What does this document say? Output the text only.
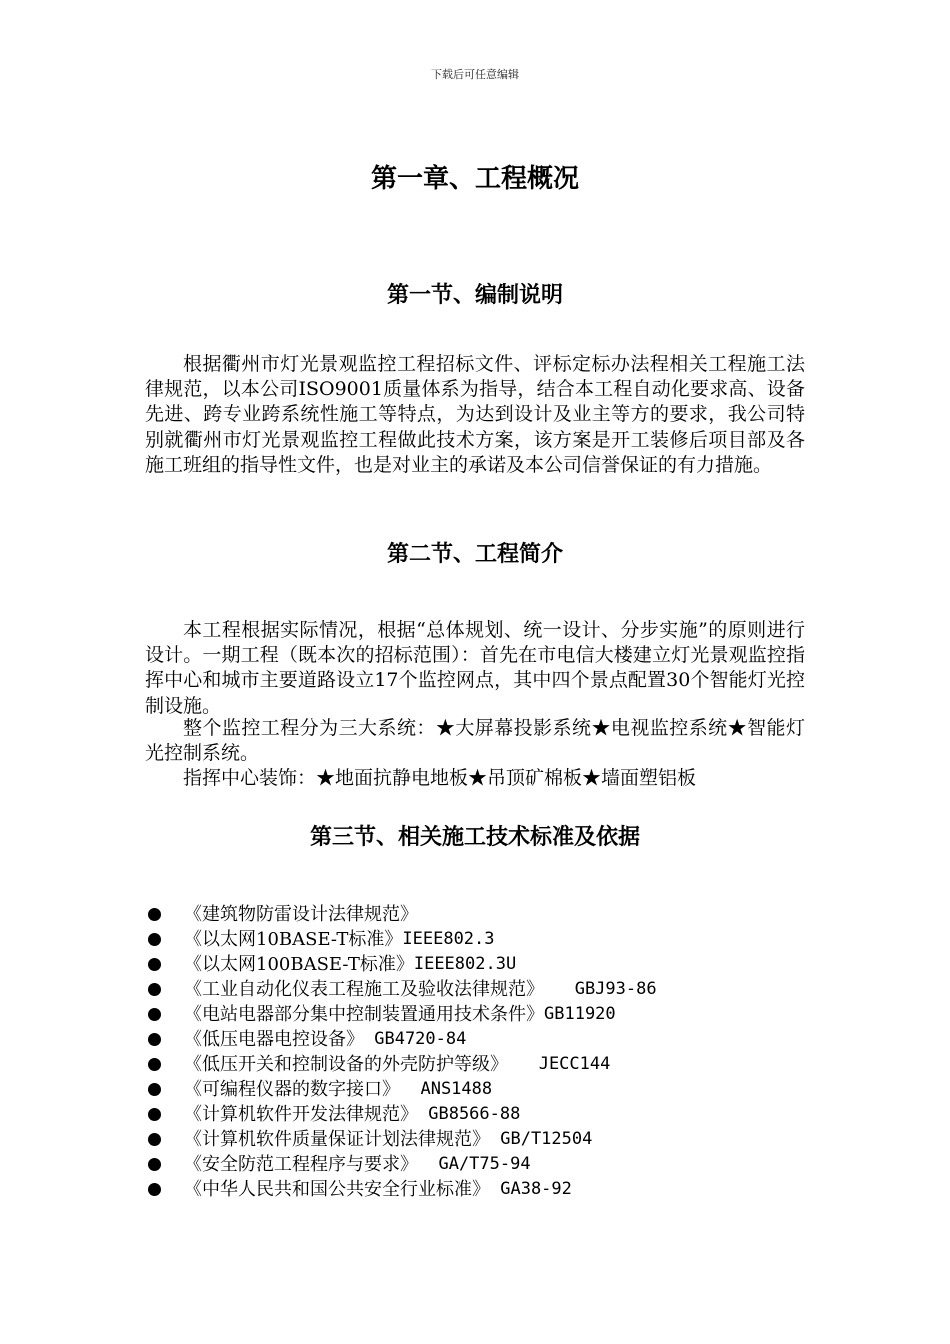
下载后可任意编辑
第一章、工程概况
第一节、编制说明

根据衢州市灯光景观监控工程招标文件、评标定标办法程相关工程施工法律规范，以本公司ISO9001质量体系为指导，结合本工程自动化要求高、设备先进、跨专业跨系统性施工等特点，为达到设计及业主等方的要求，我公司特别就衢州市灯光景观监控工程做此技术方案，该方案是开工装修后项目部及各施工班组的指导性文件，也是对业主的承诺及本公司信誉保证的有力措施。

第二节、工程简介

本工程根据实际情况，根据“总体规划、统一设计、分步实施”的原则进行设计。一期工程（既本次的招标范围）：首先在市电信大楼建立灯光景观监控指挥中心和城市主要道路设立17个监控网点，其中四个景点配置30个智能灯光控制设施。

整个监控工程分为三大系统：★大屏幕投影系统★电视监控系统★智能灯光控制系统。

指挥中心装饰：★地面抗静电地板★吊顶矿棉板★墙面塑铝板

第三节、相关施工技术标准及依据
《建筑物防雷设计法律规范》
《以太网10BASE-T标准》 IEEE802.3
《以太网100BASE-T标准》 IEEE802.3U
《工业自动化仪表工程施工及验收法律规范》 GBJ93-86
《电站电器部分集中控制装置通用技术条件》 GB11920
《低压电器电控设备》 GB4720-84
《低压开关和控制设备的外壳防护等级》 JECC144
《可编程仪器的数字接口》 ANS1488
《计算机软件开发法律规范》 GB8566-88
《计算机软件质量保证计划法律规范》 GB/T12504
《安全防范工程程序与要求》 GA/T75-94
《中华人民共和国公共安全行业标准》 GA38-92
